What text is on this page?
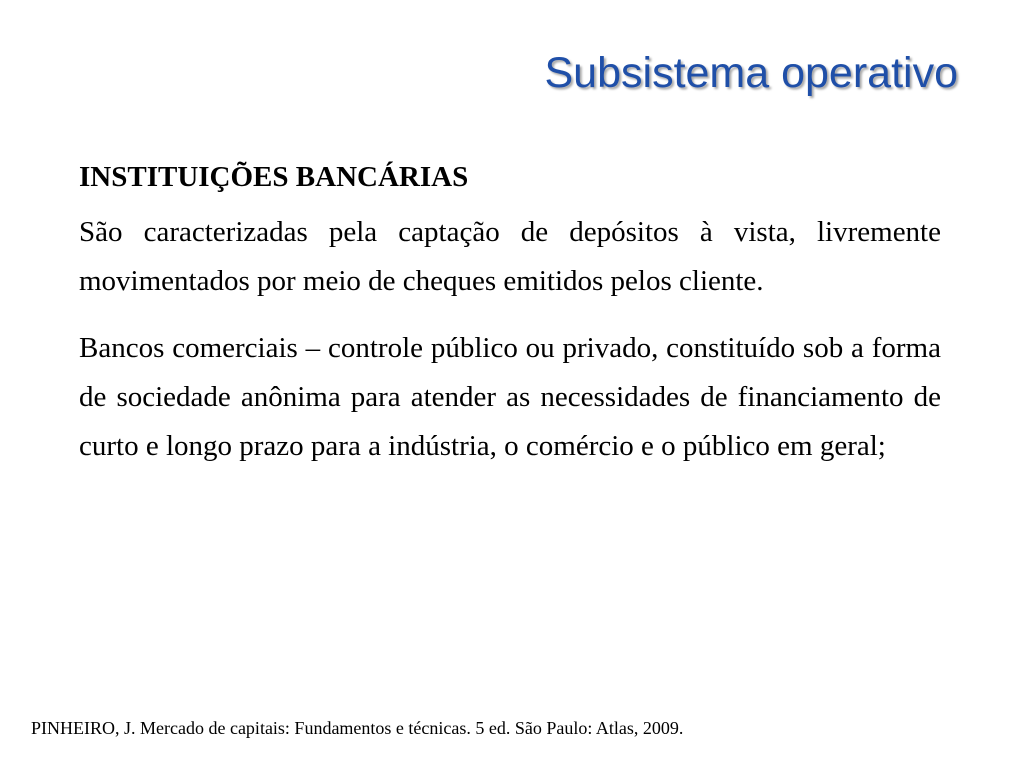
Subsistema operativo
INSTITUIÇÕES BANCÁRIAS

São caracterizadas pela captação de depósitos à vista, livremente movimentados por meio de cheques emitidos pelos cliente.

Bancos comerciais – controle público ou privado, constituído sob a forma de sociedade anônima para atender as necessidades de financiamento de curto e longo prazo para a indústria, o comércio e o público em geral;

PINHEIRO, J. Mercado de capitais: Fundamentos e técnicas. 5 ed. São Paulo: Atlas, 2009.
